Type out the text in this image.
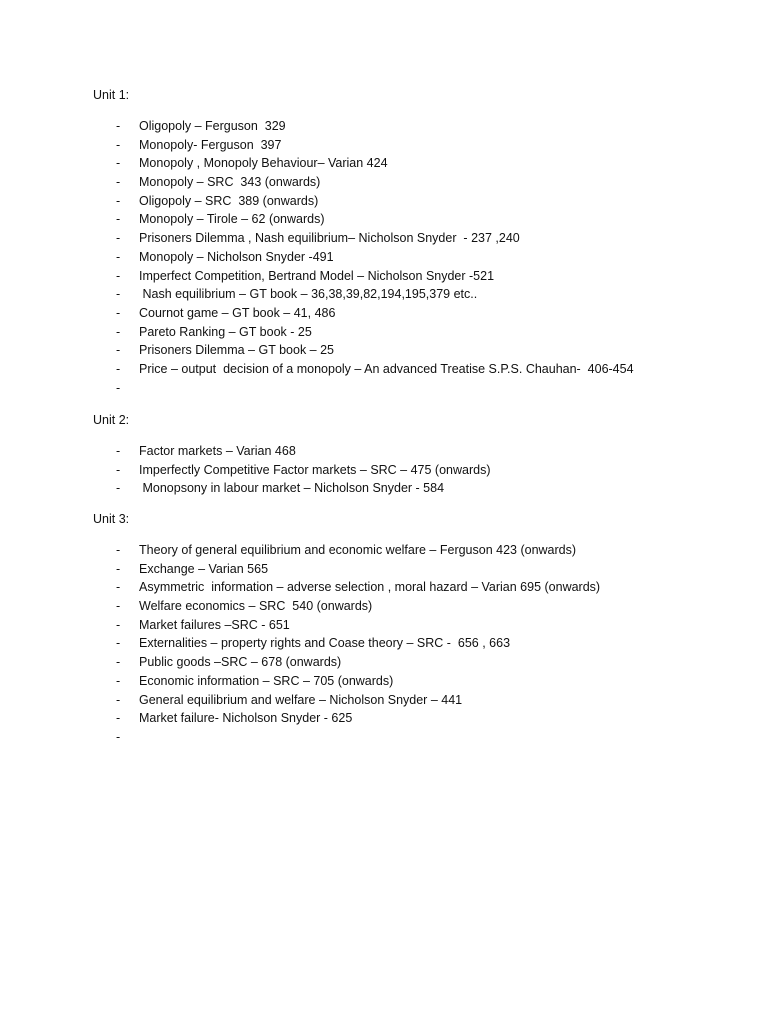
Unit 1:
- Oligopoly – Ferguson  329
- Monopoly- Ferguson  397
- Monopoly , Monopoly Behaviour– Varian 424
- Monopoly – SRC  343 (onwards)
- Oligopoly – SRC  389 (onwards)
- Monopoly – Tirole – 62 (onwards)
- Prisoners Dilemma , Nash equilibrium– Nicholson Snyder  - 237 ,240
- Monopoly – Nicholson Snyder -491
- Imperfect Competition, Bertrand Model – Nicholson Snyder -521
- Nash equilibrium – GT book – 36,38,39,82,194,195,379 etc..
- Cournot game – GT book – 41, 486
- Pareto Ranking – GT book - 25
- Prisoners Dilemma – GT book – 25
- Price – output  decision of a monopoly – An advanced Treatise S.P.S. Chauhan-  406-454
-
Unit 2:
- Factor markets – Varian 468
- Imperfectly Competitive Factor markets – SRC – 475 (onwards)
- Monopsony in labour market – Nicholson Snyder - 584
Unit 3:
- Theory of general equilibrium and economic welfare – Ferguson 423 (onwards)
- Exchange – Varian 565
- Asymmetric  information – adverse selection , moral hazard – Varian 695 (onwards)
- Welfare economics – SRC  540 (onwards)
- Market failures –SRC - 651
- Externalities – property rights and Coase theory – SRC -  656 , 663
- Public goods –SRC – 678 (onwards)
- Economic information – SRC – 705 (onwards)
- General equilibrium and welfare – Nicholson Snyder – 441
- Market failure- Nicholson Snyder - 625
-
